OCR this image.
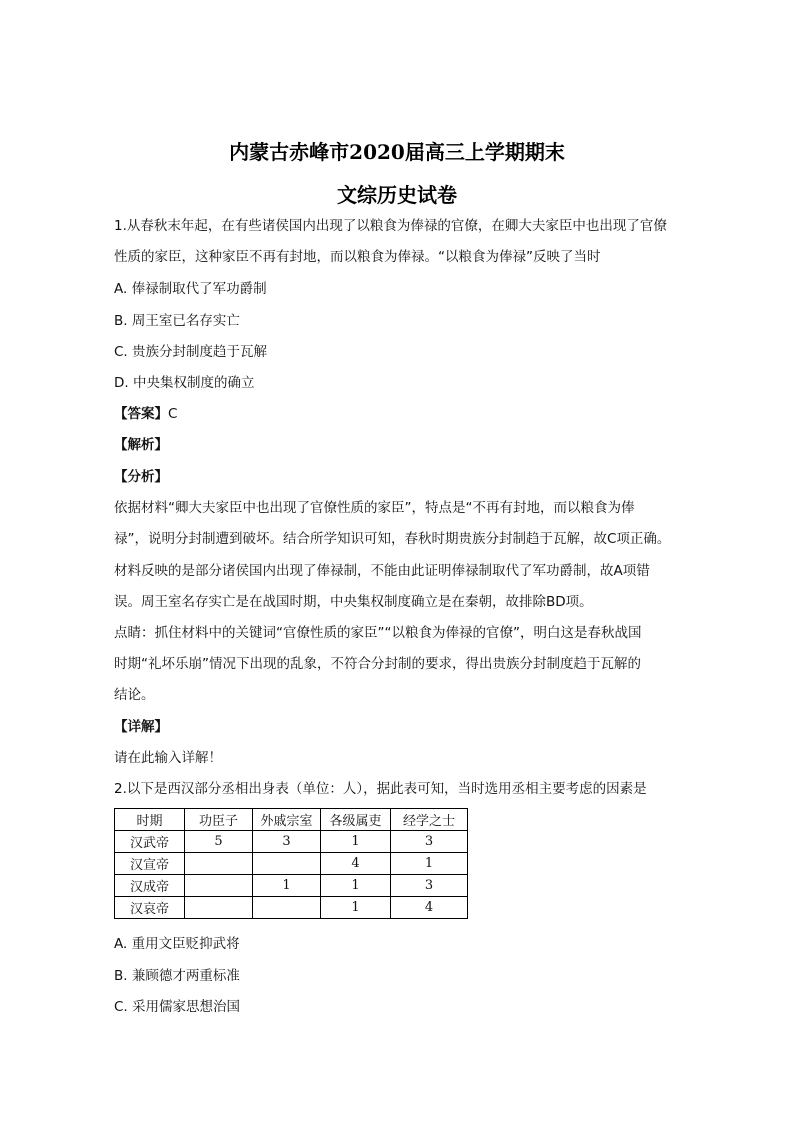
内蒙古赤峰市2020届高三上学期期末
文综历史试卷
1.从春秋末年起，在有些诸侯国内出现了以粮食为俸禄的官僚，在卿大夫家臣中也出现了官僚
性质的家臣，这种家臣不再有封地，而以粮食为俸禄。“以粮食为俸禄”反映了当时
A. 俸禄制取代了军功爵制
B. 周王室已名存实亡
C. 贵族分封制度趋于瓦解
D. 中央集权制度的确立
【答案】C
【解析】
【分析】
依据材料“卿大夫家臣中也出现了官僚性质的家臣”，特点是“不再有封地，而以粮食为俸
禄”，说明分封制遭到破坏。结合所学知识可知，春秋时期贵族分封制趋于瓦解，故C项正确。
材料反映的是部分诸侯国内出现了俸禄制，不能由此证明俸禄制取代了军功爵制，故A项错
误。周王室名存实亡是在战国时期，中央集权制度确立是在秦朝，故排除BD项。
点睛：抓住材料中的关键词“官僚性质的家臣”“以粮食为俸禄的官僚”，明白这是春秋战国
时期“礼坏乐崩”情况下出现的乱象，不符合分封制的要求，得出贵族分封制度趋于瓦解的
结论。
【详解】
请在此输入详解！
2.以下是西汉部分丞相出身表（单位：人），据此表可知，当时选用丞相主要考虑的因素是
时期	功臣子	外戚宗室	各级属吏	经学之士
汉武帝	5	3	1	3
汉宣帝			4	1
汉成帝		1	1	3
汉哀帝			1	4
A. 重用文臣贬抑武将
B. 兼顾德才两重标准
C. 采用儒家思想治国
